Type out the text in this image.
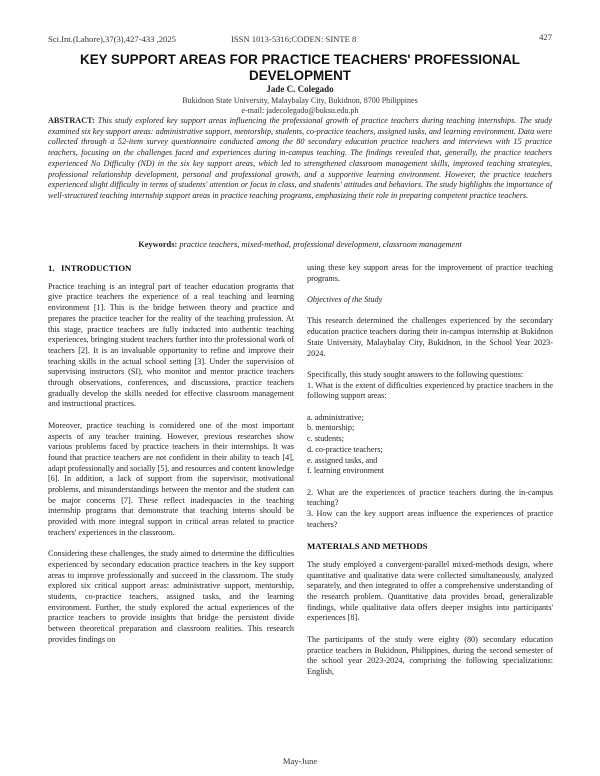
Sci.Int.(Lahore),37(3),427-433 ,2025	ISSN 1013-5316;CODEN: SINTE 8	427
KEY SUPPORT AREAS FOR PRACTICE TEACHERS' PROFESSIONAL DEVELOPMENT
Jade C. Colegado
Bukidnon State University, Malaybalay City, Bukidnon, 8700 Philippines
e-mail: jadecolegado@buksu.edu.ph
ABSTRACT: This study explored key support areas influencing the professional growth of practice teachers during teaching internships. The study examined six key support areas: administrative support, mentorship, students, co-practice teachers, assigned tasks, and learning environment. Data were collected through a 52-item survey questionnaire conducted among the 80 secondary education practice teachers and interviews with 15 practice teachers, focusing on the challenges faced and experiences during in-campus teaching. The findings revealed that, generally, the practice teachers experienced No Difficulty (ND) in the six key support areas, which led to strengthened classroom management skills, improved teaching strategies, professional relationship development, personal and professional growth, and a supportive learning environment. However, the practice teachers experienced slight difficulty in terms of students' attention or focus in class, and students' attitudes and behaviors. The study highlights the importance of well-structured teaching internship support areas in practice teaching programs, emphasizing their role in preparing competent practice teachers.
Keywords: practice teachers, mixed-method, professional development, classroom management
1. INTRODUCTION

Practice teaching is an integral part of teacher education programs that give practice teachers the experience of a real teaching and learning environment [1]. This is the bridge between theory and practice and prepares the practice teacher for the reality of the teaching profession. At this stage, practice teachers are fully inducted into authentic teaching experiences, bringing student teachers further into the professional work of teachers [2]. It is an invaluable opportunity to refine and improve their teaching skills in the actual school setting [3]. Under the supervision of supervising instructors (SI), who monitor and mentor practice teachers through observations, conferences, and discussions, practice teachers gradually develop the skills needed for effective classroom management and instructional practices.

Moreover, practice teaching is considered one of the most important aspects of any teacher training. However, previous researches show various problems faced by practice teachers in their internships. It was found that practice teachers are not confident in their ability to teach [4], adapt professionally and socially [5], and resources and content knowledge [6]. In addition, a lack of support from the supervisor, motivational problems, and misunderstandings between the mentor and the student can be major concerns [7]. These reflect inadequacies in the teaching internship programs that demonstrate that teaching interns should be provided with more integral support in critical areas related to practice teachers' experiences in the classroom.

Considering these challenges, the study aimed to determine the difficulties experienced by secondary education practice teachers in the key support areas to improve professionally and succeed in the classroom. The study explored six critical support areas: administrative support, mentorship, students, co-practice teachers, assigned tasks, and the learning environment. Further, the study explored the actual experiences of the practice teachers to provide insights that bridge the persistent divide between theoretical preparation and classroom realities. This research provides findings on

using these key support areas for the improvement of practice teaching programs.

Objectives of the Study

This research determined the challenges experienced by the secondary education practice teachers during their in-campus internship at Bukidnon State University, Malaybalay City, Bukidnon, in the School Year 2023-2024.

Specifically, this study sought answers to the following questions:

1. What is the extent of difficulties experienced by practice teachers in the following support areas:

a. administrative;
b. mentorship;
c. students;
d. co-practice teachers;
e. assigned tasks, and
f. learning environment

2. What are the experiences of practice teachers during the in-campus teaching?

3. How can the key support areas influence the experiences of practice teachers?

MATERIALS AND METHODS

The study employed a convergent-parallel mixed-methods design, where quantitative and qualitative data were collected simultaneously, analyzed separately, and then integrated to offer a comprehensive understanding of the research problem. Quantitative data provides broad, generalizable findings, while qualitative data offers deeper insights into participants' experiences [8].

The participants of the study were eighty (80) secondary education practice teachers in Bukidnon, Philippines, during the second semester of the school year 2023-2024, comprising the following specializations: English,

May-June
